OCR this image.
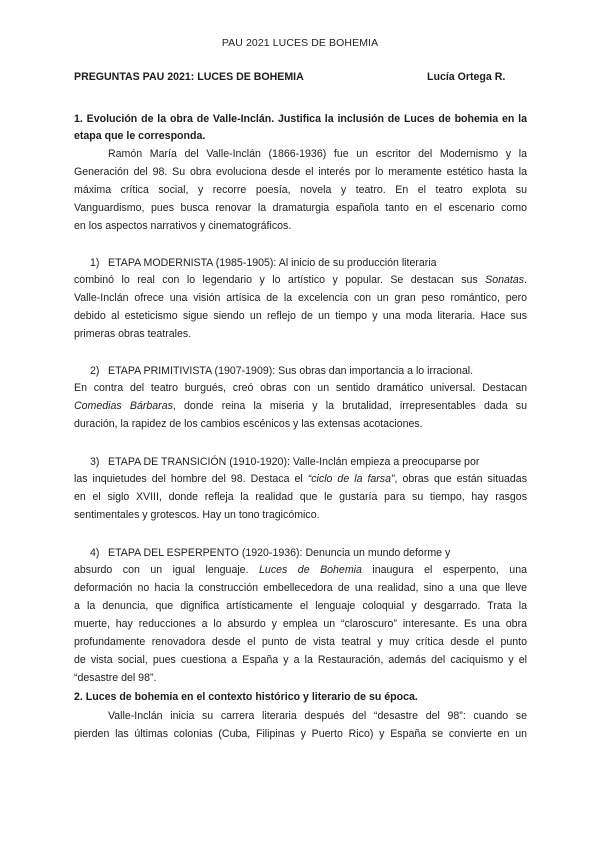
PAU 2021 LUCES DE BOHEMIA
PREGUNTAS PAU 2021: LUCES DE BOHEMIA	Lucía Ortega R.
1. Evolución de la obra de Valle-Inclán. Justifica la inclusión de Luces de bohemia en la
etapa que le corresponda.
Ramón María del Valle-Inclán (1866-1936) fue un escritor del Modernismo y la
Generación del 98. Su obra evoluciona desde el interés por lo meramente estético hasta la
máxima crítica social, y recorre poesía, novela y teatro. En el teatro explota su
Vanguardismo, pues busca renovar la dramaturgia española tanto en el escenario como
en los aspectos narrativos y cinematográficos.
1) ETAPA MODERNISTA (1985-1905): Al inicio de su producción literaria
combinó lo real con lo legendario y lo artístico y popular. Se destacan sus Sonatas.
Valle-Inclán ofrece una visión artísica de la excelencia con un gran peso romántico, pero
debido al esteticismo sigue siendo un reflejo de un tiempo y una moda literaria. Hace sus
primeras obras teatrales.
2) ETAPA PRIMITIVISTA (1907-1909): Sus obras dan importancia a lo irracional.
En contra del teatro burgués, creó obras con un sentido dramático universal. Destacan
Comedias Bárbaras, donde reina la miseria y la brutalidad, irrepresentables dada su
duración, la rapidez de los cambios escénicos y las extensas acotaciones.
3) ETAPA DE TRANSICIÓN (1910-1920): Valle-Inclán empieza a preocuparse por
las inquietudes del hombre del 98. Destaca el “ciclo de la farsa”, obras que están situadas
en el siglo XVIII, donde refleja la realidad que le gustaría para su tiempo, hay rasgos
sentimentales y grotescos. Hay un tono tragicómico.
4) ETAPA DEL ESPERPENTO (1920-1936): Denuncia un mundo deforme y
absurdo con un igual lenguaje. Luces de Bohemia inaugura el esperpento, una
deformación no hacia la construcción embellecedora de una realidad, sino a una que lleve
a la denuncia, que dignifica artísticamente el lenguaje coloquial y desgarrado. Trata la
muerte, hay reducciones a lo absurdo y emplea un “claroscuro” interesante. Es una obra
profundamente renovadora desde el punto de vista teatral y muy crítica desde el punto
de vista social, pues cuestiona a España y a la Restauración, además del caciquismo y el
“desastre del 98”.
2. Luces de bohemia en el contexto histórico y literario de su época.
Valle-Inclán inicia su carrera literaria después del “desastre del 98”: cuando se
pierden las últimas colonias (Cuba, Filipinas y Puerto Rico) y España se convierte en un
